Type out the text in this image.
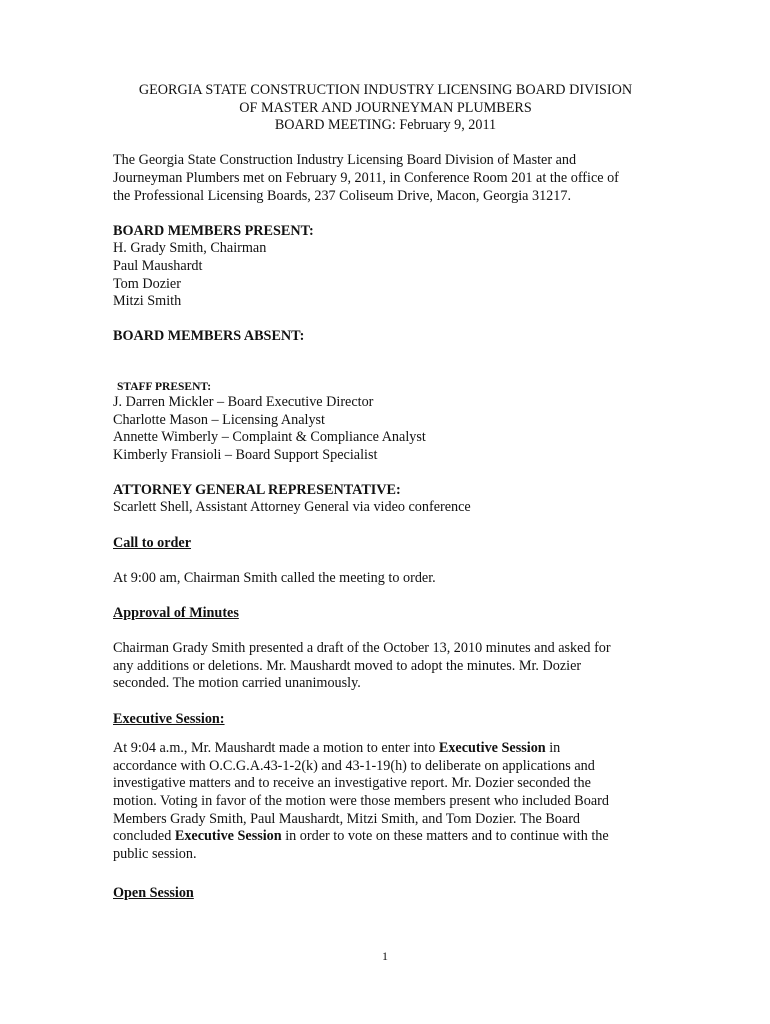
GEORGIA STATE CONSTRUCTION INDUSTRY LICENSING BOARD DIVISION
OF MASTER AND JOURNEYMAN PLUMBERS
BOARD MEETING: February 9, 2011
The Georgia State Construction Industry Licensing Board Division of Master and
Journeyman Plumbers met on February 9, 2011, in Conference Room 201 at the office of
the Professional Licensing Boards, 237 Coliseum Drive, Macon, Georgia 31217.
BOARD MEMBERS PRESENT:
H. Grady Smith, Chairman
Paul Maushardt
Tom Dozier
Mitzi Smith
BOARD MEMBERS ABSENT:
STAFF PRESENT:
J. Darren Mickler – Board Executive Director
Charlotte Mason – Licensing Analyst
Annette Wimberly – Complaint & Compliance Analyst
Kimberly Fransioli – Board Support Specialist
ATTORNEY GENERAL REPRESENTATIVE:
Scarlett Shell, Assistant Attorney General via video conference
Call to order
At 9:00 am, Chairman Smith called the meeting to order.
Approval of Minutes
Chairman Grady Smith presented a draft of the October 13, 2010 minutes and asked for
any additions or deletions. Mr. Maushardt moved to adopt the minutes. Mr. Dozier
seconded. The motion carried unanimously.
Executive Session:
At 9:04 a.m., Mr. Maushardt made a motion to enter into Executive Session in
accordance with O.C.G.A.43-1-2(k) and 43-1-19(h) to deliberate on applications and
investigative matters and to receive an investigative report. Mr. Dozier seconded the
motion. Voting in favor of the motion were those members present who included Board
Members Grady Smith, Paul Maushardt, Mitzi Smith, and Tom Dozier. The Board
concluded Executive Session in order to vote on these matters and to continue with the
public session.
Open Session
1
